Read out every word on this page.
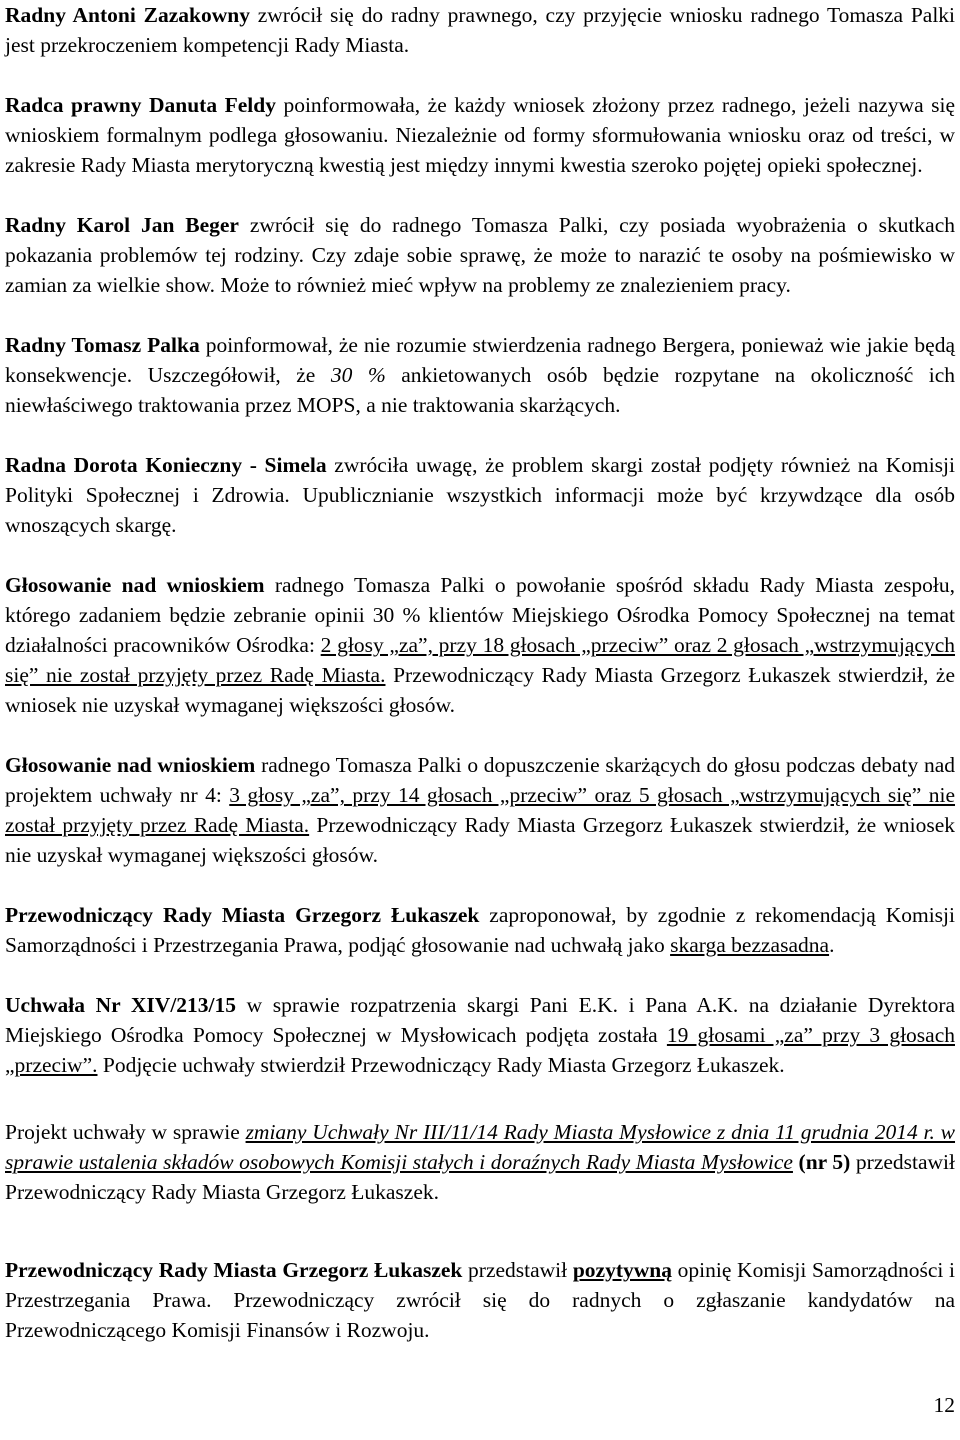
Radny Antoni Zazakowny zwrócił się do radny prawnego, czy przyjęcie wniosku radnego Tomasza Palki jest przekroczeniem kompetencji Rady Miasta.

Radca prawny Danuta Feldy poinformowała, że każdy wniosek złożony przez radnego, jeżeli nazywa się wnioskiem formalnym podlega głosowaniu. Niezależnie od formy sformułowania wniosku oraz od treści, w zakresie Rady Miasta merytoryczną kwestią jest między innymi kwestia szeroko pojętej opieki społecznej.

Radny Karol Jan Beger zwrócił się do radnego Tomasza Palki, czy posiada wyobrażenia o skutkach pokazania problemów tej rodziny. Czy zdaje sobie sprawę, że może to narazić te osoby na pośmiewisko w zamian za wielkie show. Może to również mieć wpływ na problemy ze znalezieniem pracy.

Radny Tomasz Palka poinformował, że nie rozumie stwierdzenia radnego Bergera, ponieważ wie jakie będą konsekwencje. Uszczegółowił, że 30 % ankietowanych osób będzie rozpytane na okoliczność ich niewłaściwego traktowania przez MOPS, a nie traktowania skarżących.

Radna Dorota Konieczny - Simela zwróciła uwagę, że problem skargi został podjęty również na Komisji Polityki Społecznej i Zdrowia. Upublicznianie wszystkich informacji może być krzywdzące dla osób wnoszących skargę.

Głosowanie nad wnioskiem radnego Tomasza Palki o powołanie spośród składu Rady Miasta zespołu, którego zadaniem będzie zebranie opinii 30 % klientów Miejskiego Ośrodka Pomocy Społecznej na temat działalności pracowników Ośrodka: 2 głosy „za”, przy 18 głosach „przeciw” oraz 2 głosach „wstrzymujących się” nie został przyjęty przez Radę Miasta. Przewodniczący Rady Miasta Grzegorz Łukaszek stwierdził, że wniosek nie uzyskał wymaganej większości głosów.

Głosowanie nad wnioskiem radnego Tomasza Palki o dopuszczenie skarżących do głosu podczas debaty nad projektem uchwały nr 4: 3 głosy „za”, przy 14 głosach „przeciw” oraz 5 głosach „wstrzymujących się” nie został przyjęty przez Radę Miasta. Przewodniczący Rady Miasta Grzegorz Łukaszek stwierdził, że wniosek nie uzyskał wymaganej większości głosów.

Przewodniczący Rady Miasta Grzegorz Łukaszek zaproponował, by zgodnie z rekomendacją Komisji Samorządności i Przestrzegania Prawa, podjąć głosowanie nad uchwałą jako skarga bezzasadna.

Uchwała Nr XIV/213/15 w sprawie rozpatrzenia skargi Pani E.K. i Pana A.K. na działanie Dyrektora Miejskiego Ośrodka Pomocy Społecznej w Mysłowicach podjęta została 19 głosami „za” przy 3 głosach „przeciw”. Podjęcie uchwały stwierdził Przewodniczący Rady Miasta Grzegorz Łukaszek.

Projekt uchwały w sprawie zmiany Uchwały Nr III/11/14 Rady Miasta Mysłowice z dnia 11 grudnia 2014 r. w sprawie ustalenia składów osobowych Komisji stałych i doraźnych Rady Miasta Mysłowice (nr 5) przedstawił Przewodniczący Rady Miasta Grzegorz Łukaszek.

Przewodniczący Rady Miasta Grzegorz Łukaszek przedstawił pozytywną opinię Komisji Samorządności i Przestrzegania Prawa. Przewodniczący zwrócił się do radnych o zgłaszanie kandydatów na Przewodniczącego Komisji Finansów i Rozwoju.

12
